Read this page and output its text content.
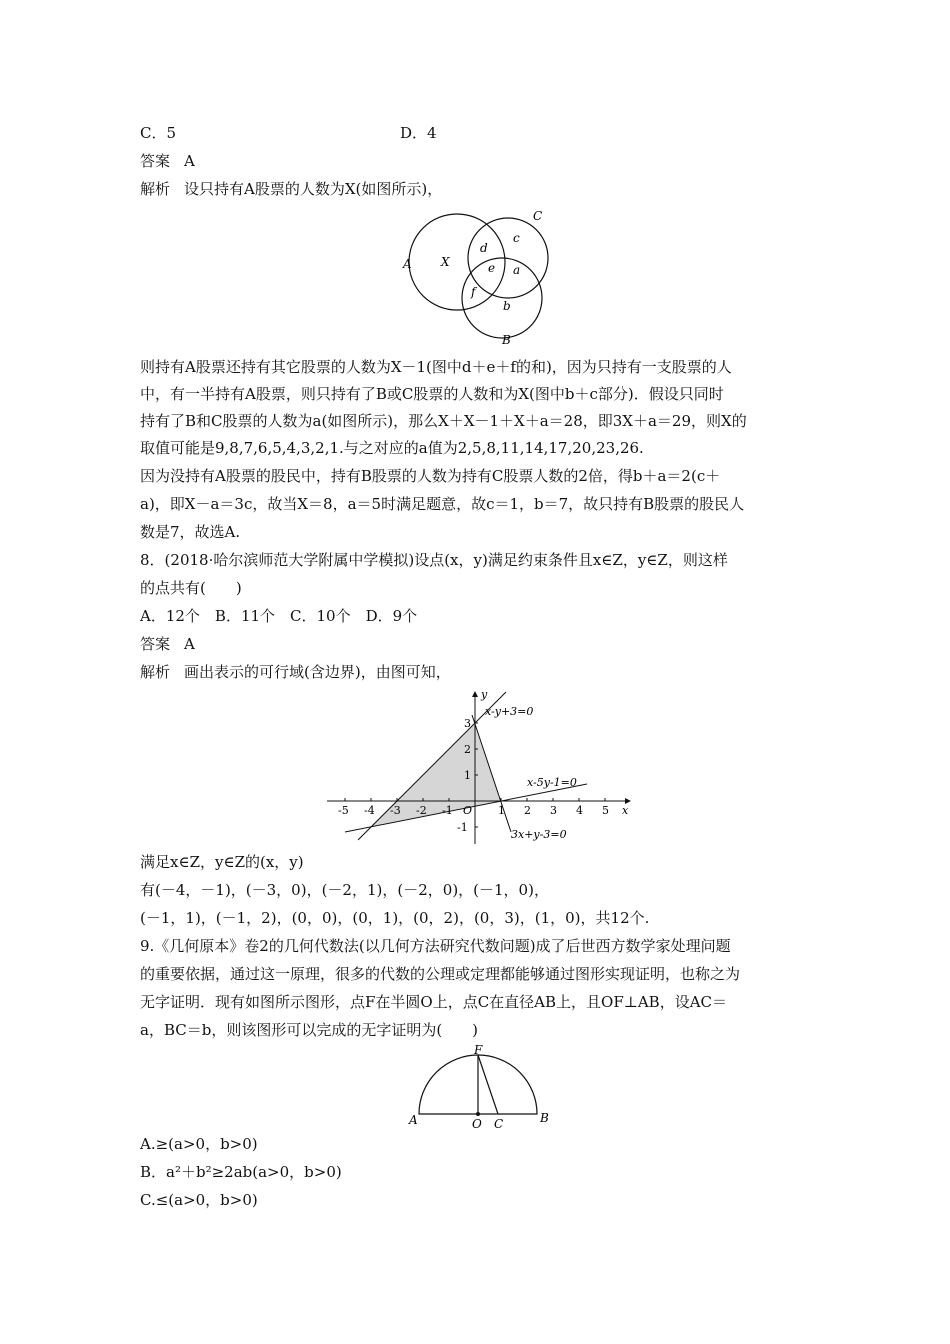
C．5	D．4
答案 A
解析 设只持有A股票的人数为X(如图所示)，
A
C
B
X
d
c
e a
f
b
则持有A股票还持有其它股票的人数为X－1(图中d＋e＋f的和)，因为只持有一支股票的人
中，有一半持有A股票，则只持有了B或C股票的人数和为X(图中b＋c部分)．假设只同时
持有了B和C股票的人数为a(如图所示)，那么X＋X－1＋X＋a＝28，即3X＋a＝29，则X的
取值可能是9,8,7,6,5,4,3,2,1.与之对应的a值为2,5,8,11,14,17,20,23,26.
因为没持有A股票的股民中，持有B股票的人数为持有C股票人数的2倍，得b＋a＝2(c＋
a)，即X－a＝3c，故当X＝8，a＝5时满足题意，故c＝1，b＝7，故只持有B股票的股民人
数是7，故选A.
8．(2018·哈尔滨师范大学附属中学模拟)设点(x，y)满足约束条件且x∈Z，y∈Z，则这样
的点共有(　　)
A．12个　B．11个　C．10个　D．9个
答案 A
解析 画出表示的可行域(含边界)，由图可知，
-5 -4 -3 -2 -1	1 2 3 4 5
3
2
1
-1
O	x
y
x-y+3=0
x-5y-1=0
3x+y-3=0
满足x∈Z，y∈Z的(x，y)
有(－4，－1)，(－3，0)，(－2，1)，(－2，0)，(－1，0)，
(－1，1)，(－1，2)，(0，0)，(0，1)，(0，2)，(0，3)，(1，0)，共12个.
9.《几何原本》卷2的几何代数法(以几何方法研究代数问题)成了后世西方数学家处理问题
的重要依据，通过这一原理，很多的代数的公理或定理都能够通过图形实现证明，也称之为
无字证明．现有如图所示图形，点F在半圆O上，点C在直径AB上，且OF⊥AB，设AC＝
a，BC＝b，则该图形可以完成的无字证明为(　　)
A	B
O C
F
A.≥(a>0，b>0)
B．a²＋b²≥2ab(a>0，b>0)
C.≤(a>0，b>0)
